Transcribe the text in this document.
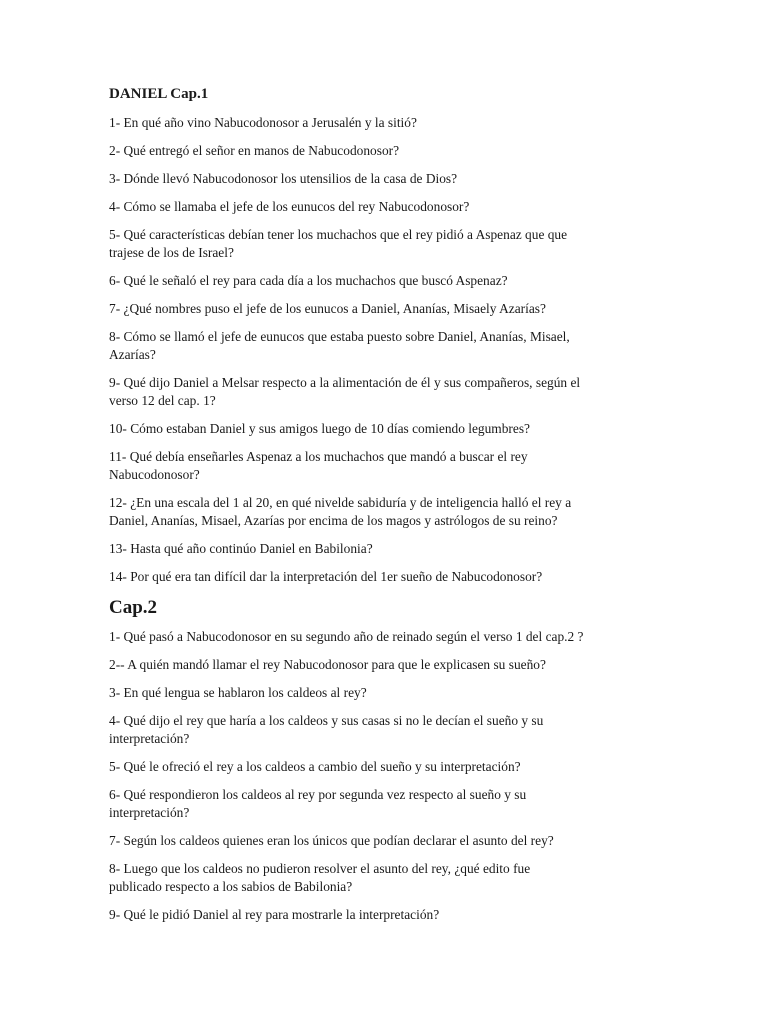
DANIEL Cap.1
1- En qué año vino Nabucodonosor a Jerusalén y la sitió?
2- Qué entregó el señor en manos de Nabucodonosor?
3- Dónde llevó Nabucodonosor los utensilios de la casa de Dios?
4- Cómo se llamaba el jefe de los eunucos del rey Nabucodonosor?
5- Qué características debían tener los muchachos que el rey pidió a Aspenaz que que
trajese de los de Israel?
6- Qué le señaló el rey para cada día a los muchachos que buscó Aspenaz?
7- ¿Qué nombres puso el jefe de los eunucos a Daniel, Ananías, Misaely Azarías?
8- Cómo se llamó el jefe de eunucos que estaba puesto sobre Daniel, Ananías, Misael,
Azarías?
9- Qué dijo Daniel a Melsar respecto a la alimentación de él y sus compañeros, según el
verso 12 del cap. 1?
10- Cómo estaban Daniel y sus amigos luego de 10 días comiendo legumbres?
11- Qué debía enseñarles Aspenaz a los muchachos que mandó a buscar el rey
Nabucodonosor?
12- ¿En una escala del 1 al 20, en qué nivelde sabiduría y de inteligencia halló el rey a
Daniel, Ananías, Misael, Azarías por encima de los magos y astrólogos de su reino?
13- Hasta qué año continúo Daniel en Babilonia?
14- Por qué era tan difícil dar la interpretación del 1er sueño de Nabucodonosor?
Cap.2
1- Qué pasó a Nabucodonosor en su segundo año de reinado según el verso 1 del cap.2 ?
2-- A quién mandó llamar el rey Nabucodonosor para que le explicasen su sueño?
3- En qué lengua se hablaron los caldeos al rey?
4- Qué dijo el rey que haría a los caldeos y sus casas si no le decían el sueño y su
interpretación?
5- Qué le ofreció el rey a los caldeos a cambio del sueño y su interpretación?
6- Qué respondieron los caldeos al rey por segunda vez respecto al sueño y su
interpretación?
7- Según los caldeos quienes eran los únicos que podían declarar el asunto del rey?
8- Luego que los caldeos no pudieron resolver el asunto del rey, ¿qué edito fue
publicado respecto a los sabios de Babilonia?
9- Qué le pidió Daniel al rey para mostrarle la interpretación?
